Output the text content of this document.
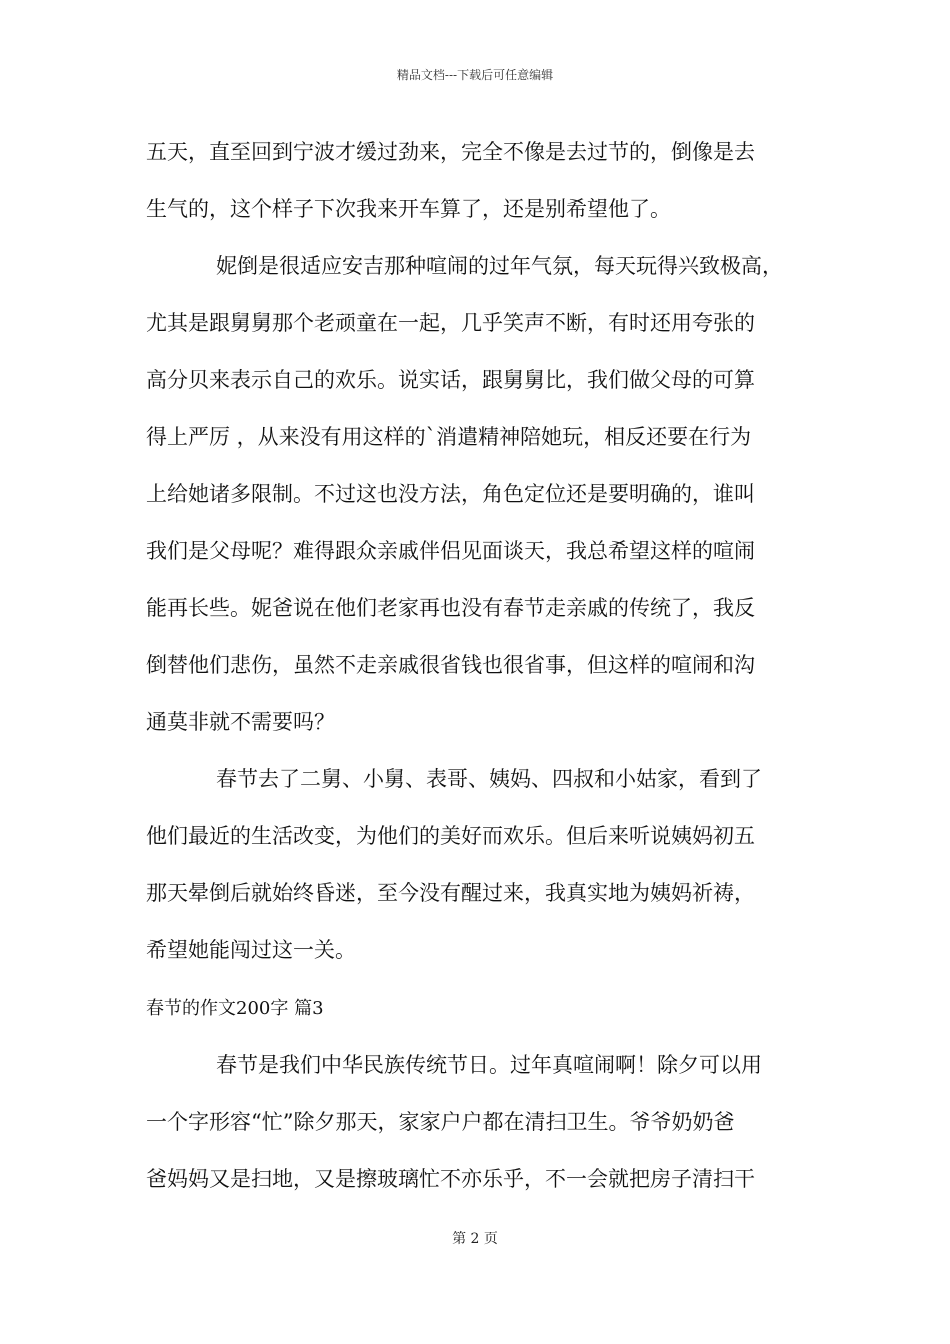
精品文档---下载后可任意编辑
五天，直至回到宁波才缓过劲来，完全不像是去过节的，倒像是去
生气的，这个样子下次我来开车算了，还是别希望他了。
妮倒是很适应安吉那种喧闹的过年气氛，每天玩得兴致极高，
尤其是跟舅舅那个老顽童在一起，几乎笑声不断，有时还用夸张的
高分贝来表示自己的欢乐。说实话，跟舅舅比，我们做父母的可算
得上严厉 ，从来没有用这样的`消遣精神陪她玩，相反还要在行为
上给她诸多限制。不过这也没方法，角色定位还是要明确的，谁叫
我们是父母呢？难得跟众亲戚伴侣见面谈天，我总希望这样的喧闹
能再长些。妮爸说在他们老家再也没有春节走亲戚的传统了，我反
倒替他们悲伤，虽然不走亲戚很省钱也很省事，但这样的喧闹和沟
通莫非就不需要吗？
春节去了二舅、小舅、表哥、姨妈、四叔和小姑家，看到了
他们最近的生活改变，为他们的美好而欢乐。但后来听说姨妈初五
那天晕倒后就始终昏迷，至今没有醒过来，我真实地为姨妈祈祷，
希望她能闯过这一关。
春节的作文200字 篇3
春节是我们中华民族传统节日。过年真喧闹啊！除夕可以用
一个字形容“忙”除夕那天，家家户户都在清扫卫生。爷爷奶奶爸
爸妈妈又是扫地，又是擦玻璃忙不亦乐乎，不一会就把房子清扫干
第 2 页
